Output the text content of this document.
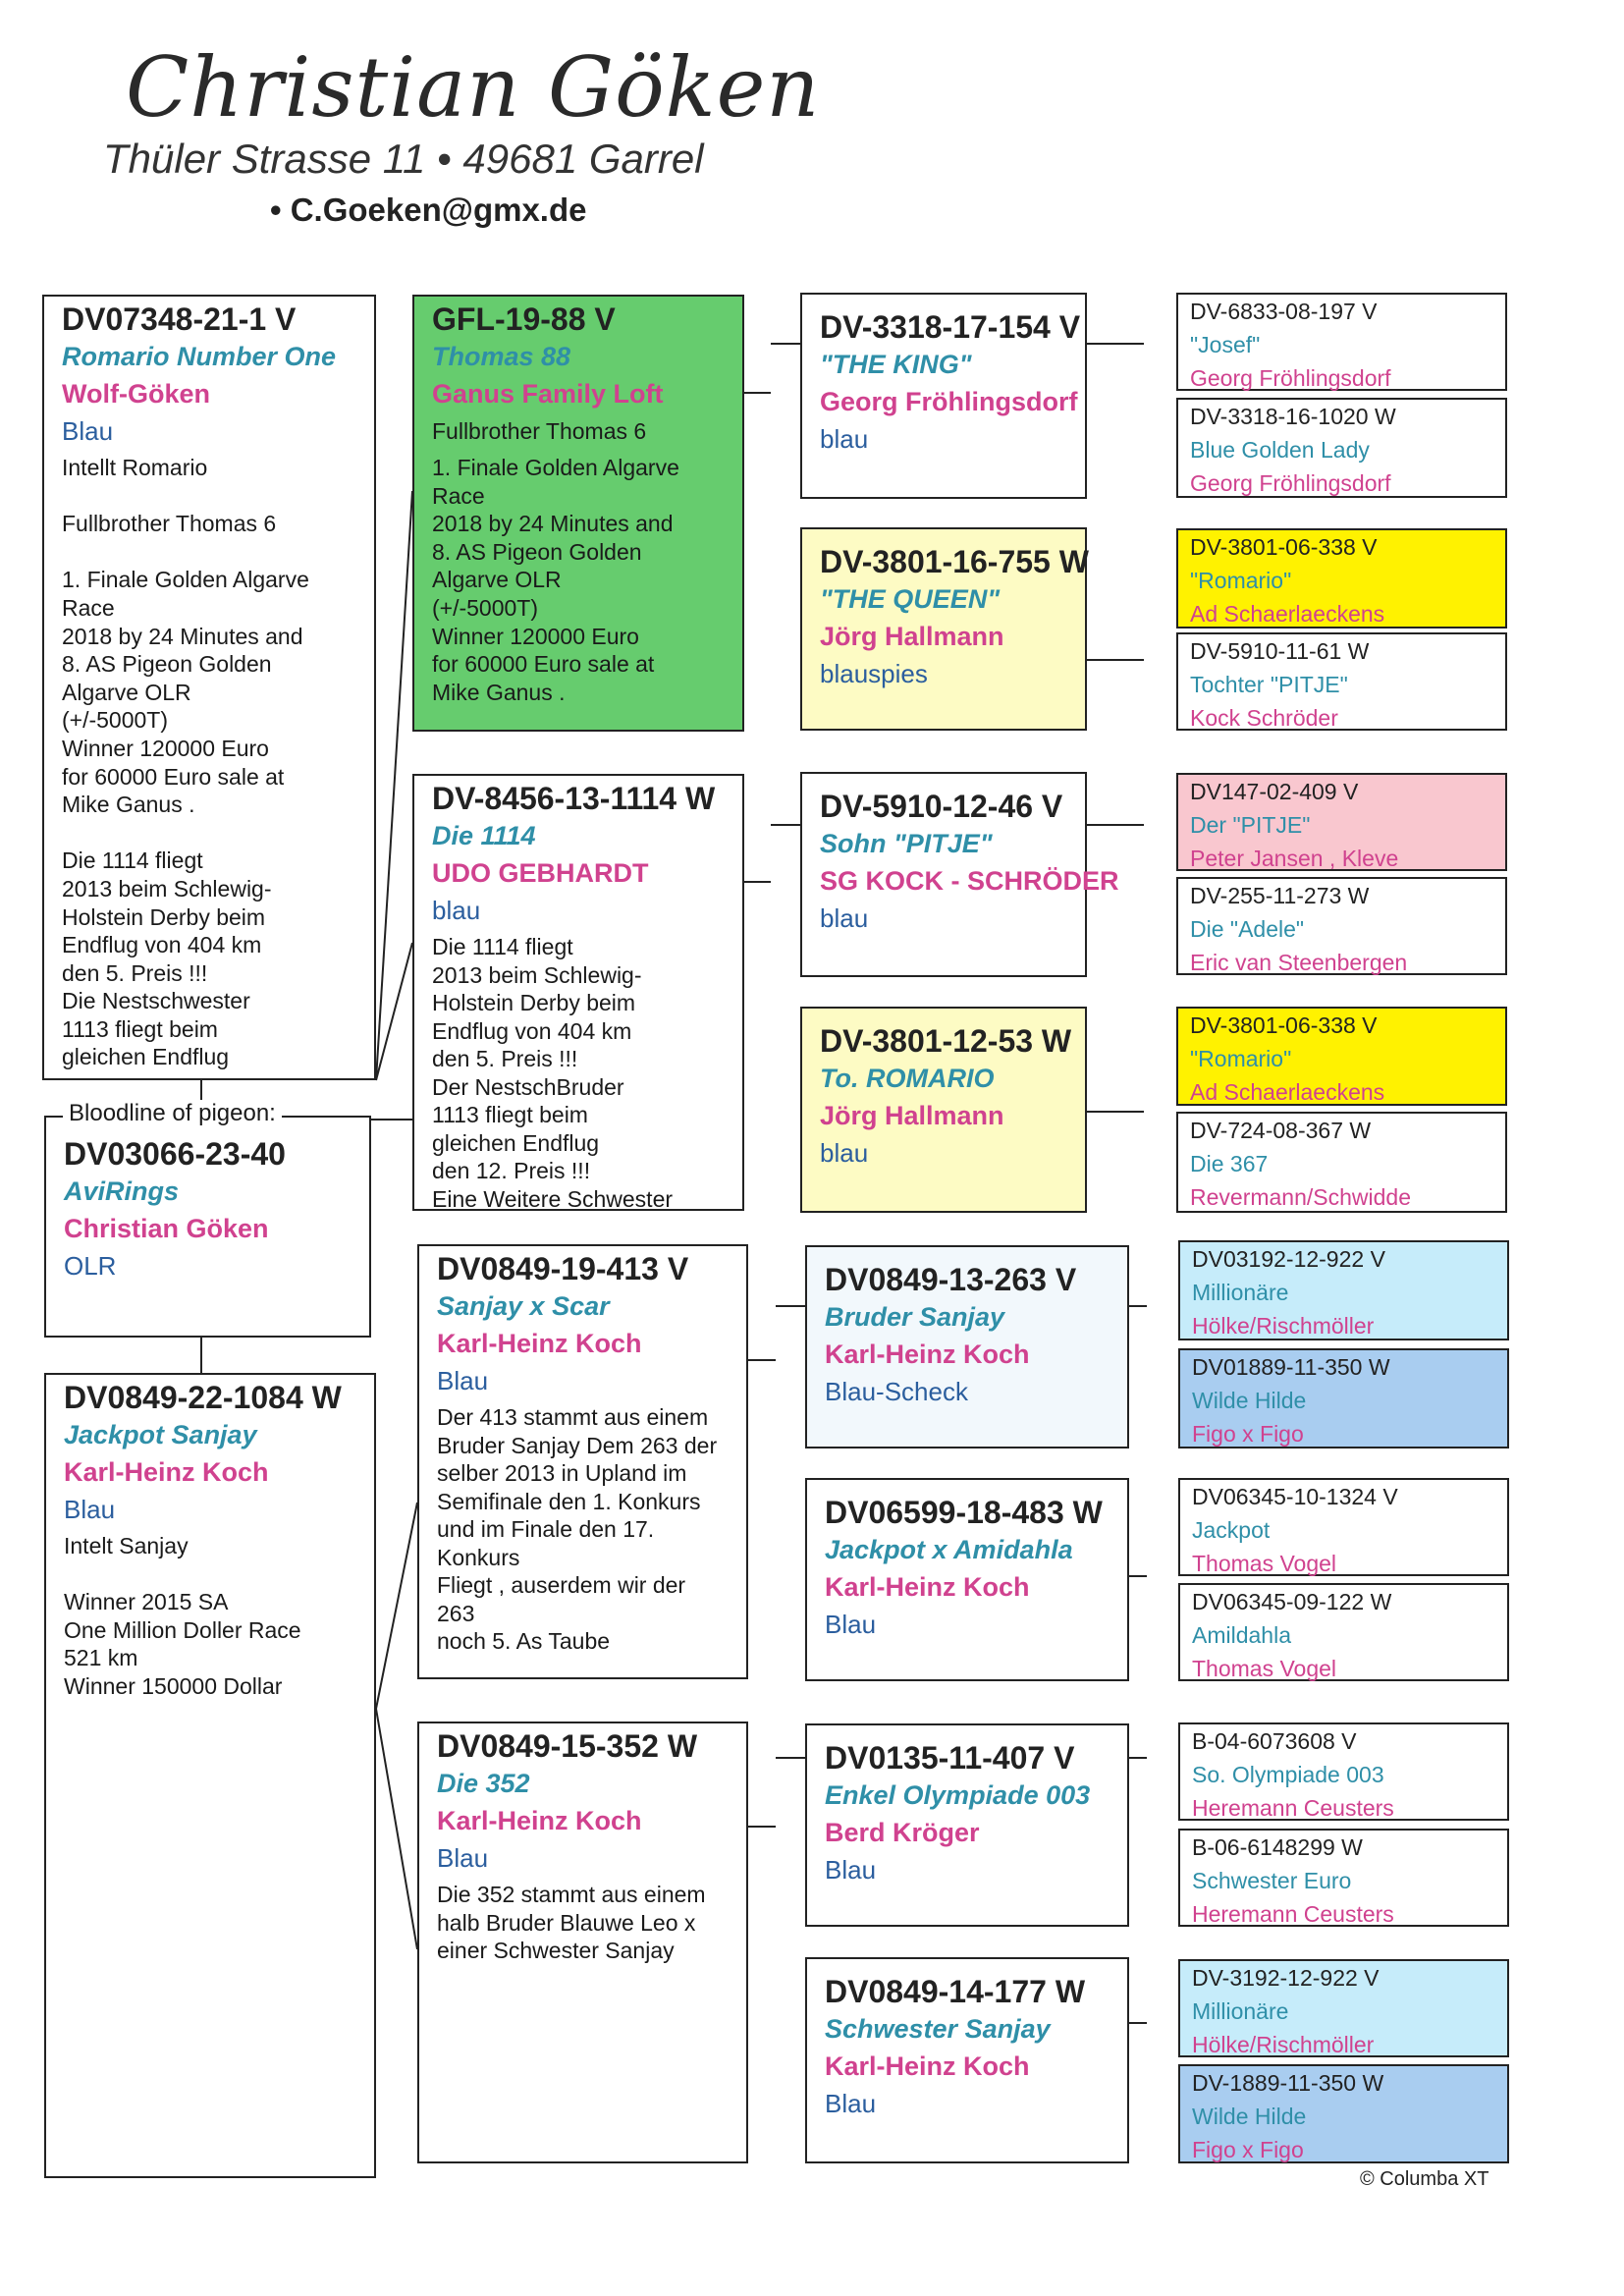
Christian Göken
Thüler Strasse 11 • 49681 Garrel
• C.Goeken@gmx.de
DV07348-21-1 V
Romario Number One
Wolf-Göken
Blau
Intellt Romario

Fullbrother Thomas 6

1. Finale Golden Algarve
Race
2018 by 24 Minutes and
8. AS Pigeon Golden
Algarve OLR
(+/-5000T)
Winner 120000 Euro
for 60000 Euro sale at
Mike Ganus .

Die 1114 fliegt
2013 beim Schlewig-
Holstein Derby beim
Endflug von 404 km
den 5. Preis !!!
Die Nestschwester
1113 fliegt beim
gleichen Endflug
DV03066-23-40
AviRings
Christian Göken
OLR
Bloodline of pigeon:
DV0849-22-1084 W
Jackpot Sanjay
Karl-Heinz Koch
Blau
Intelt Sanjay

Winner 2015 SA
One Million Doller Race
521 km
Winner 150000 Dollar
GFL-19-88 V
Thomas 88
Ganus Family Loft
Fullbrother Thomas 6
1. Finale Golden Algarve
Race
2018 by 24 Minutes and
8. AS Pigeon Golden
Algarve OLR
(+/-5000T)
Winner 120000 Euro
for 60000 Euro sale at
Mike Ganus .
DV-8456-13-1114 W
Die 1114
UDO GEBHARDT
blau
Die 1114 fliegt
2013 beim Schlewig-
Holstein Derby beim
Endflug von 404 km
den 5. Preis !!!
Der NestschBruder
1113 fliegt beim
gleichen Endflug
den 12. Preis !!!
Eine Weitere Schwester
DV0849-19-413 V
Sanjay x Scar
Karl-Heinz Koch
Blau
Der 413 stammt aus einem
Bruder Sanjay Dem 263 der
selber 2013 in Upland im
Semifinale den 1. Konkurs
und im Finale den 17.
Konkurs
Fliegt , auserdem wir der
263
noch 5. As Taube
DV0849-15-352 W
Die 352
Karl-Heinz Koch
Blau
Die 352 stammt aus einem
halb Bruder Blauwe Leo x
einer Schwester Sanjay
DV-3318-17-154 V
"THE KING"
Georg Fröhlingsdorf
blau
DV-3801-16-755 W
"THE QUEEN"
Jörg Hallmann
blauspies
DV-5910-12-46 V
Sohn "PITJE"
SG KOCK - SCHRÖDER
blau
DV-3801-12-53 W
To. ROMARIO
Jörg Hallmann
blau
DV0849-13-263 V
Bruder Sanjay
Karl-Heinz Koch
Blau-Scheck
DV06599-18-483 W
Jackpot x Amidahla
Karl-Heinz Koch
Blau
DV0135-11-407 V
Enkel Olympiade 003
Berd Kröger
Blau
DV0849-14-177 W
Schwester Sanjay
Karl-Heinz Koch
Blau
DV-6833-08-197 V
"Josef"
Georg Fröhlingsdorf
DV-3318-16-1020 W
Blue Golden Lady
Georg Fröhlingsdorf
DV-3801-06-338 V
"Romario"
Ad Schaerlaeckens
DV-5910-11-61 W
Tochter "PITJE"
Kock Schröder
DV147-02-409 V
Der "PITJE"
Peter Jansen , Kleve
DV-255-11-273 W
Die "Adele"
Eric van Steenbergen
DV-3801-06-338 V
"Romario"
Ad Schaerlaeckens
DV-724-08-367 W
Die 367
Revermann/Schwidde
DV03192-12-922 V
Millionäre
Hölke/Rischmöller
DV01889-11-350 W
Wilde Hilde
Figo x Figo
DV06345-10-1324 V
Jackpot
Thomas Vogel
DV06345-09-122 W
Amildahla
Thomas Vogel
B-04-6073608 V
So. Olympiade 003
Heremann Ceusters
B-06-6148299 W
Schwester Euro
Heremann Ceusters
DV-3192-12-922 V
Millionäre
Hölke/Rischmöller
DV-1889-11-350 W
Wilde Hilde
Figo x Figo
© Columba XT
